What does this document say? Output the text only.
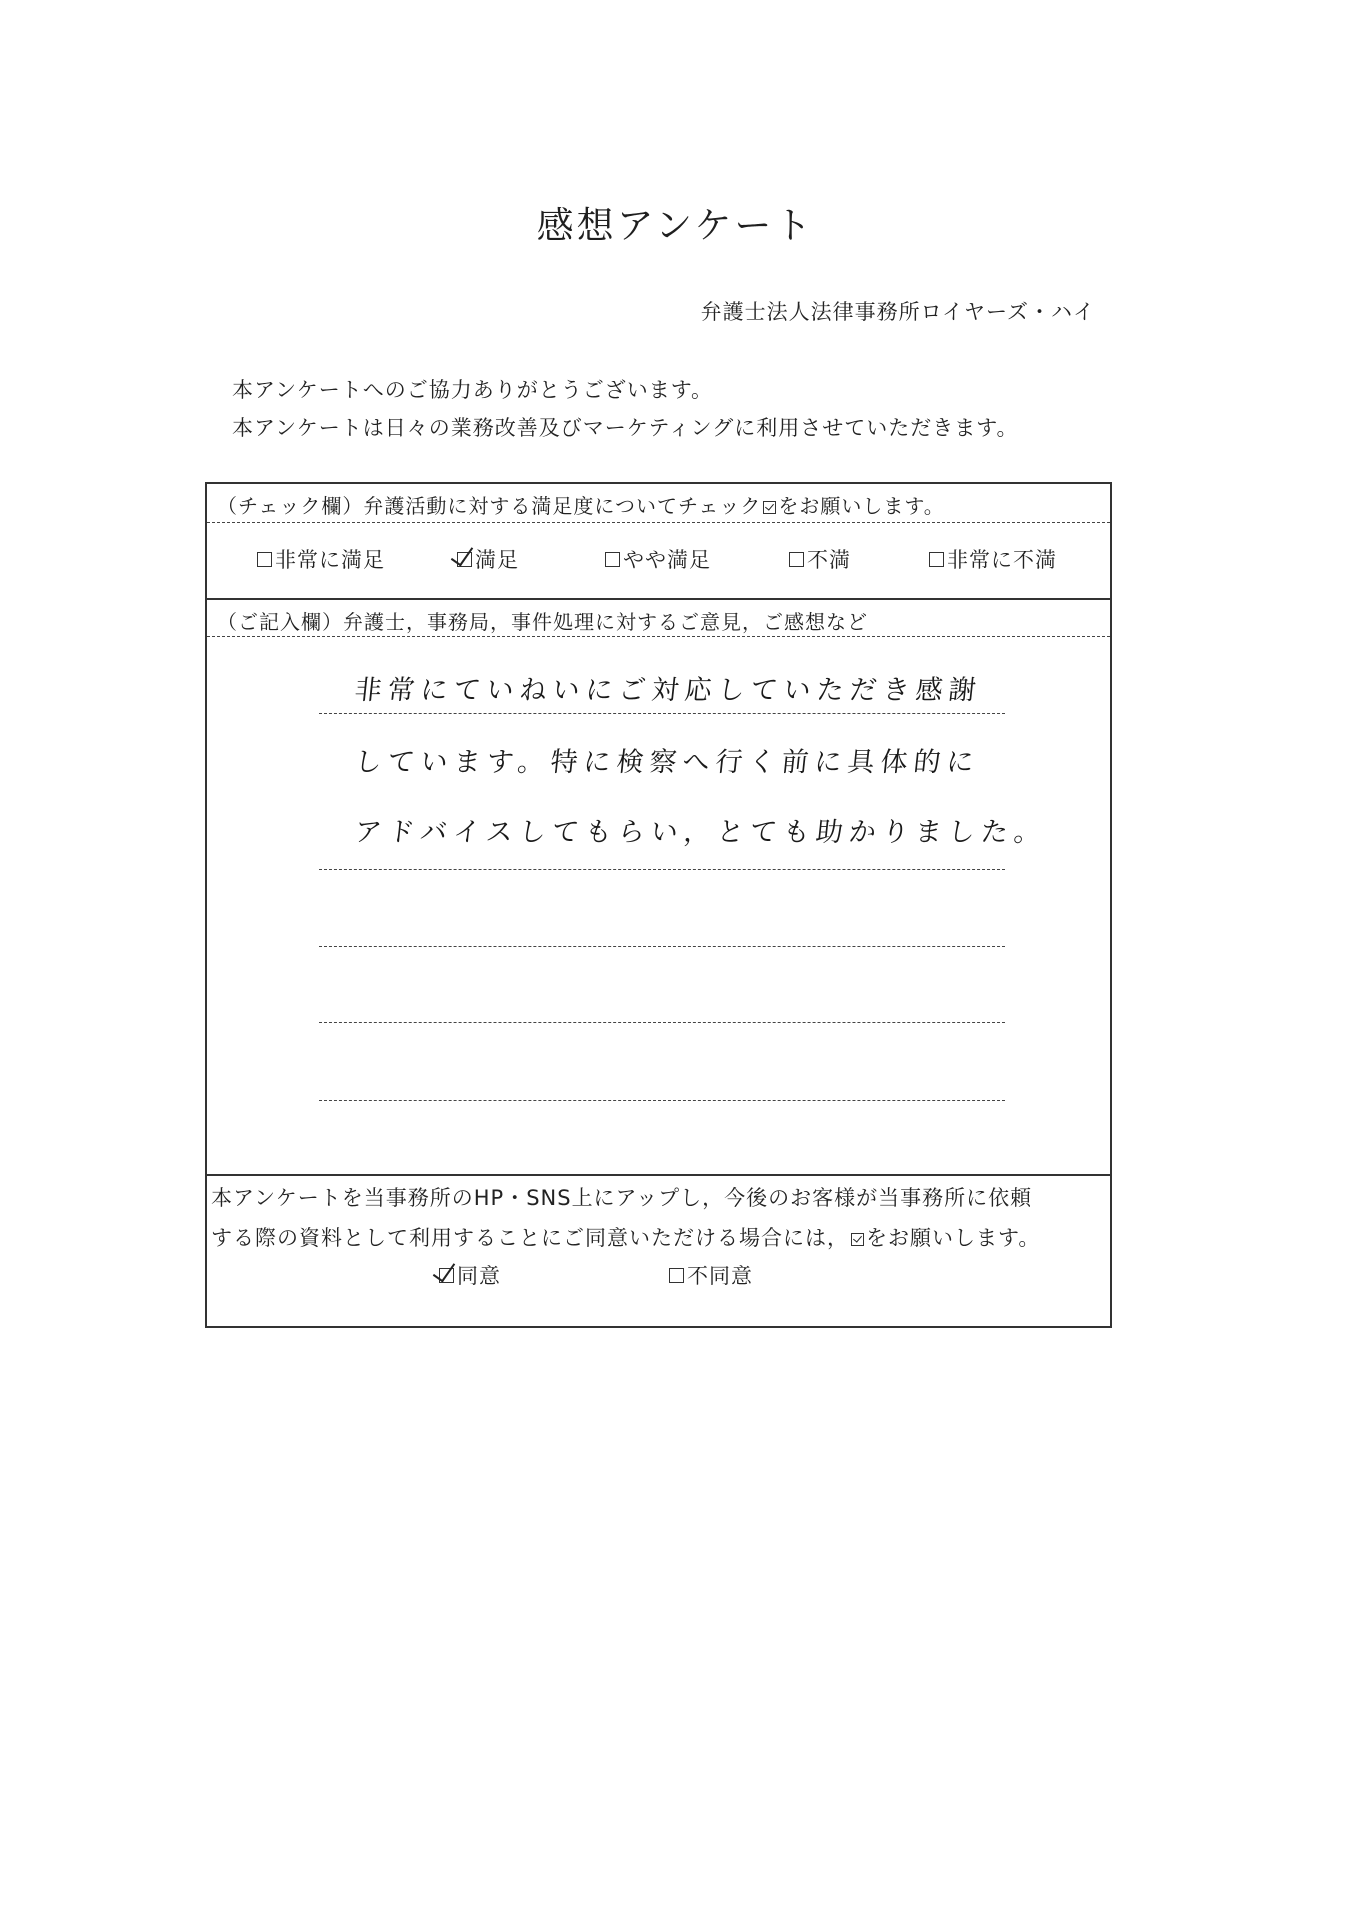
感想アンケート
弁護士法人法律事務所ロイヤーズ・ハイ
本アンケートへのご協力ありがとうございます。
本アンケートは日々の業務改善及びマーケティングに利用させていただきます。
（チェック欄）弁護活動に対する満足度についてチェック をお願いします。
非常に満足	満足	やや満足	不満	非常に不満
（ご記入欄）弁護士，事務局，事件処理に対するご意見，ご感想など
非常にていねいにご対応していただき感謝
しています。特に検察へ行く前に具体的に
アドバイスしてもらい，とても助かりました。
本アンケートを当事務所のHP・SNS上にアップし，今後のお客様が当事務所に依頼
する際の資料として利用することにご同意いただける場合には， をお願いします。
同意	不同意
